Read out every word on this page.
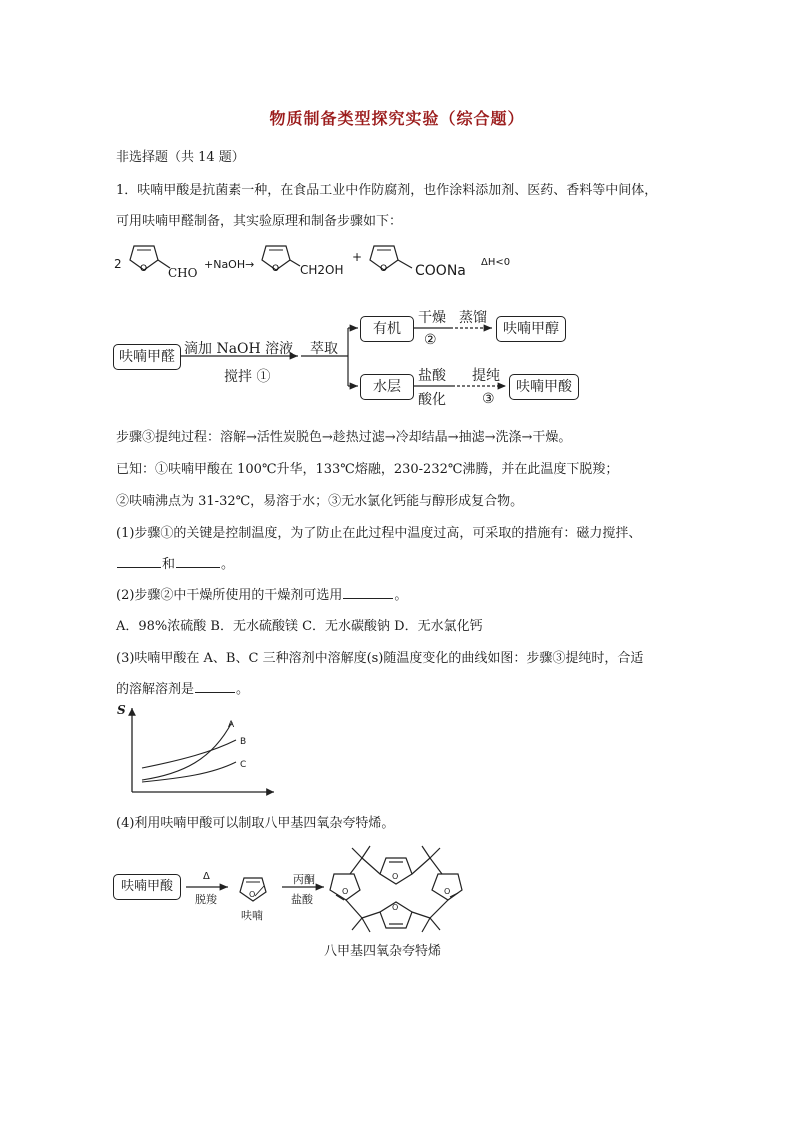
物质制备类型探究实验（综合题）
非选择题（共 14 题）
1．呋喃甲酸是抗菌素一种，在食品工业中作防腐剂，也作涂料添加剂、医药、香料等中间体，
可用呋喃甲醛制备，其实验原理和制备步骤如下：
2 O CHO
+NaOH→ O CH2OH
+
O COONa
ΔH<0
呋喃甲醛 滴加 NaOH 溶液
搅拌 ①
萃取
有机
干燥 蒸馏
②
呋喃甲醇
水层
盐酸
酸化
提纯
③
呋喃甲酸
步骤③提纯过程：溶解→活性炭脱色→趁热过滤→冷却结晶→抽滤→洗涤→干燥。
已知：①呋喃甲酸在 100℃升华，133℃熔融，230-232℃沸腾，并在此温度下脱羧；
②呋喃沸点为 31-32℃，易溶于水；③无水氯化钙能与醇形成复合物。
(1)步骤①的关键是控制温度，为了防止在此过程中温度过高，可采取的措施有：磁力搅拌、
和	。
(2)步骤②中干燥所使用的干燥剂可选用	。
A．98%浓硫酸 B．无水硫酸镁 C．无水碳酸钠 D．无水氯化钙
(3)呋喃甲酸在 A、B、C 三种溶剂中溶解度(s)随温度变化的曲线如图：步骤③提纯时，合适
的溶解溶剂是	。
S
A
B
C
(4)利用呋喃甲酸可以制取八甲基四氧杂夸特烯。
呋喃甲酸
Δ
脱羧	O
呋喃
丙酮
盐酸
O
O
O	O
八甲基四氧杂夸特烯
